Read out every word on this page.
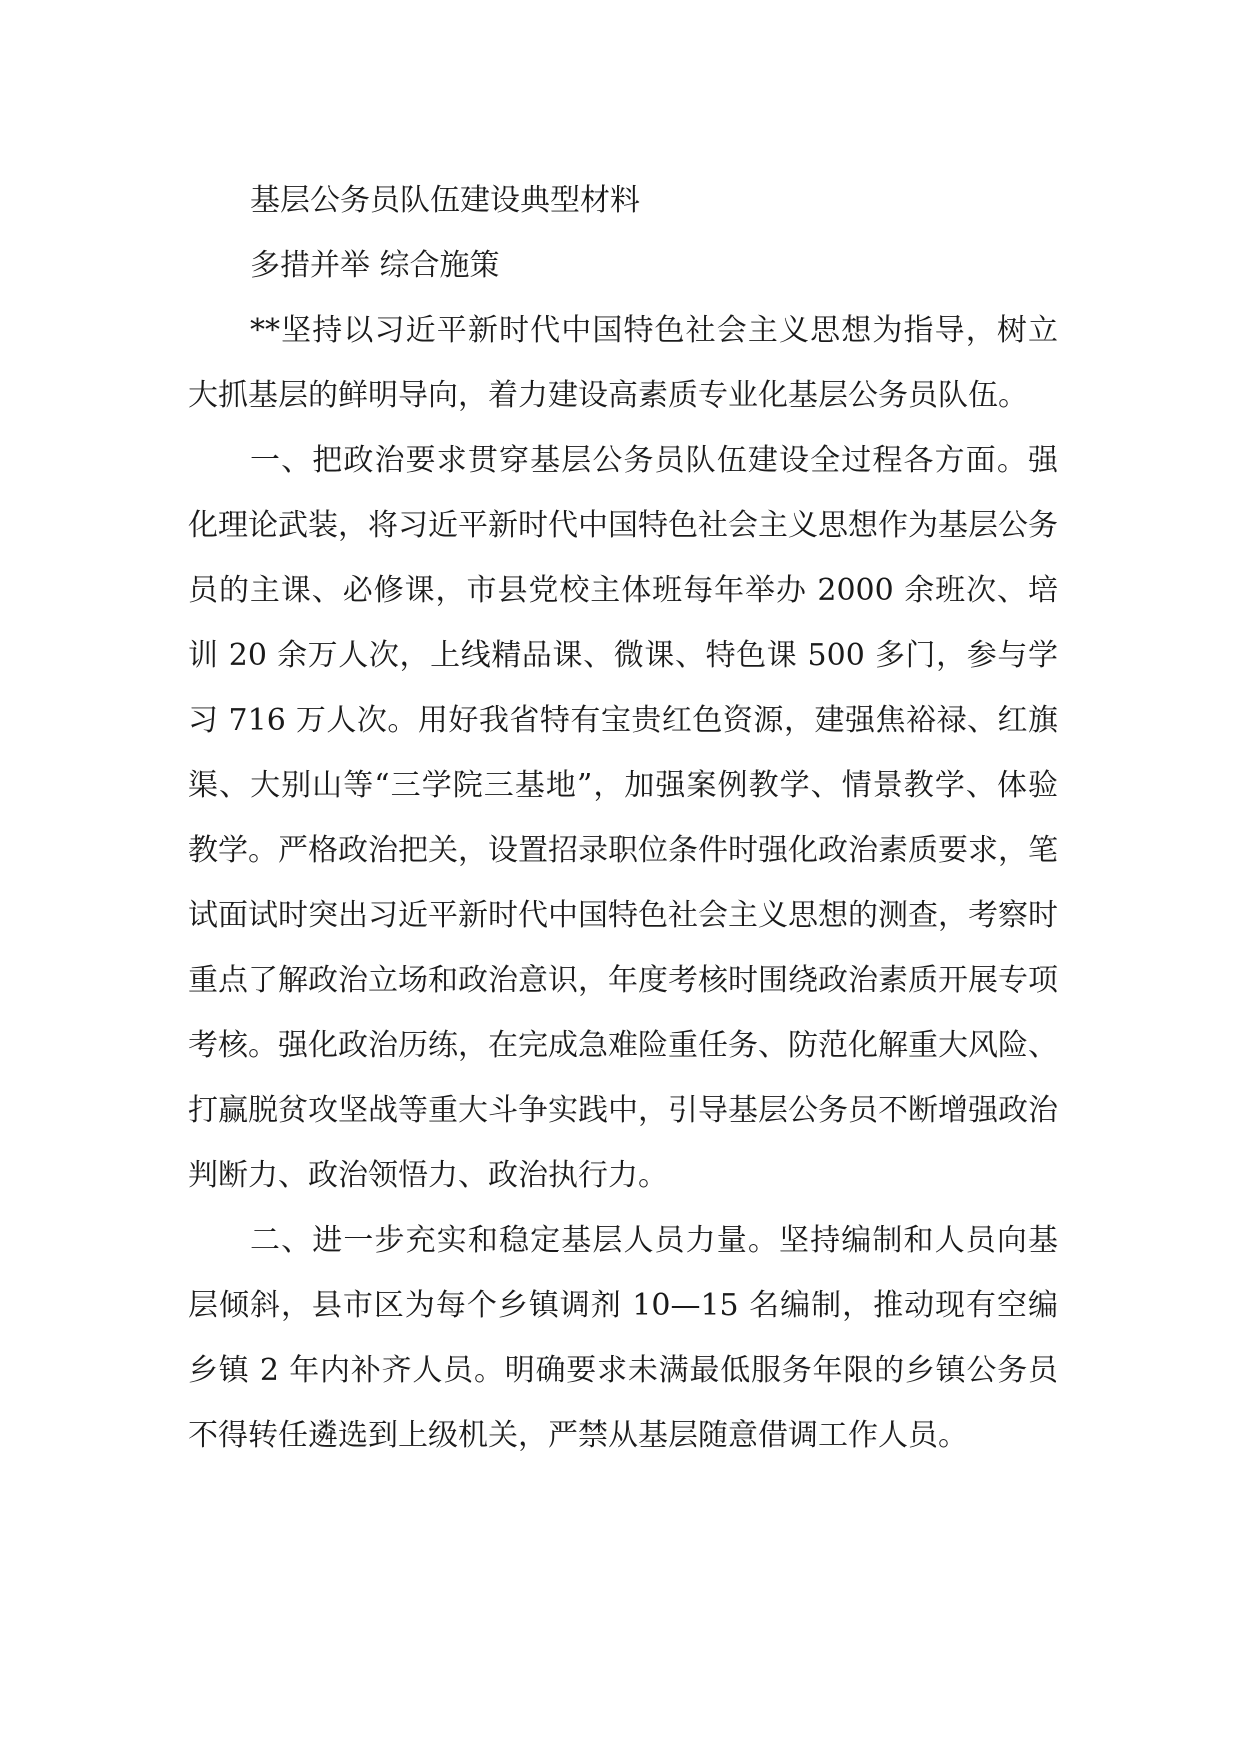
基层公务员队伍建设典型材料

多措并举 综合施策

**坚持以习近平新时代中国特色社会主义思想为指导，树立大抓基层的鲜明导向，着力建设高素质专业化基层公务员队伍。

一、把政治要求贯穿基层公务员队伍建设全过程各方面。强化理论武装，将习近平新时代中国特色社会主义思想作为基层公务员的主课、必修课，市县党校主体班每年举办 2000 余班次、培训 20 余万人次，上线精品课、微课、特色课 500 多门，参与学习 716 万人次。用好我省特有宝贵红色资源，建强焦裕禄、红旗渠、大别山等“三学院三基地”，加强案例教学、情景教学、体验教学。严格政治把关，设置招录职位条件时强化政治素质要求，笔试面试时突出习近平新时代中国特色社会主义思想的测查，考察时重点了解政治立场和政治意识，年度考核时围绕政治素质开展专项考核。强化政治历练，在完成急难险重任务、防范化解重大风险、打赢脱贫攻坚战等重大斗争实践中，引导基层公务员不断增强政治判断力、政治领悟力、政治执行力。

二、进一步充实和稳定基层人员力量。坚持编制和人员向基层倾斜，县市区为每个乡镇调剂 10—15 名编制，推动现有空编乡镇 2 年内补齐人员。明确要求未满最低服务年限的乡镇公务员不得转任遴选到上级机关，严禁从基层随意借调工作人员。
